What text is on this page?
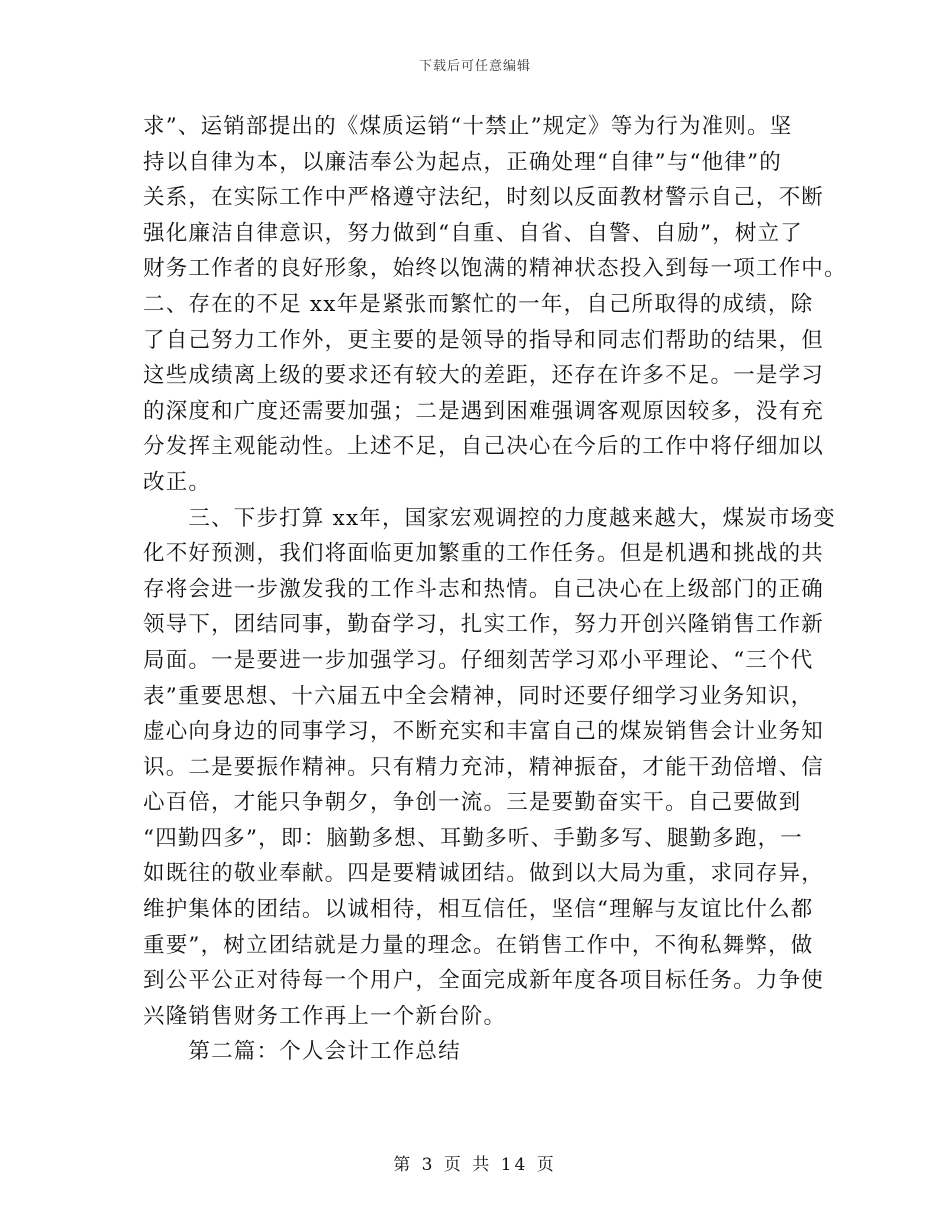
下载后可任意编辑
求”、运销部提出的《煤质运销“十禁止”规定》等为行为准则。坚
持以自律为本，以廉洁奉公为起点，正确处理“自律”与“他律”的
关系，在实际工作中严格遵守法纪，时刻以反面教材警示自己，不断
强化廉洁自律意识，努力做到“自重、自省、自警、自励”，树立了
财务工作者的良好形象，始终以饱满的精神状态投入到每一项工作中。
二、存在的不足 xx年是紧张而繁忙的一年，自己所取得的成绩，除
了自己努力工作外，更主要的是领导的指导和同志们帮助的结果，但
这些成绩离上级的要求还有较大的差距，还存在许多不足。一是学习
的深度和广度还需要加强；二是遇到困难强调客观原因较多，没有充
分发挥主观能动性。上述不足，自己决心在今后的工作中将仔细加以
改正。
　　三、下步打算 xx年，国家宏观调控的力度越来越大，煤炭市场变
化不好预测，我们将面临更加繁重的工作任务。但是机遇和挑战的共
存将会进一步激发我的工作斗志和热情。自己决心在上级部门的正确
领导下，团结同事，勤奋学习，扎实工作，努力开创兴隆销售工作新
局面。一是要进一步加强学习。仔细刻苦学习邓小平理论、“三个代
表”重要思想、十六届五中全会精神，同时还要仔细学习业务知识，
虚心向身边的同事学习，不断充实和丰富自己的煤炭销售会计业务知
识。二是要振作精神。只有精力充沛，精神振奋，才能干劲倍增、信
心百倍，才能只争朝夕，争创一流。三是要勤奋实干。自己要做到
“四勤四多”，即：脑勤多想、耳勤多听、手勤多写、腿勤多跑，一
如既往的敬业奉献。四是要精诚团结。做到以大局为重，求同存异，
维护集体的团结。以诚相待，相互信任，坚信“理解与友谊比什么都
重要”，树立团结就是力量的理念。在销售工作中，不徇私舞弊，做
到公平公正对待每一个用户，全面完成新年度各项目标任务。力争使
兴隆销售财务工作再上一个新台阶。
　　第二篇：个人会计工作总结
第 3 页 共 14 页
